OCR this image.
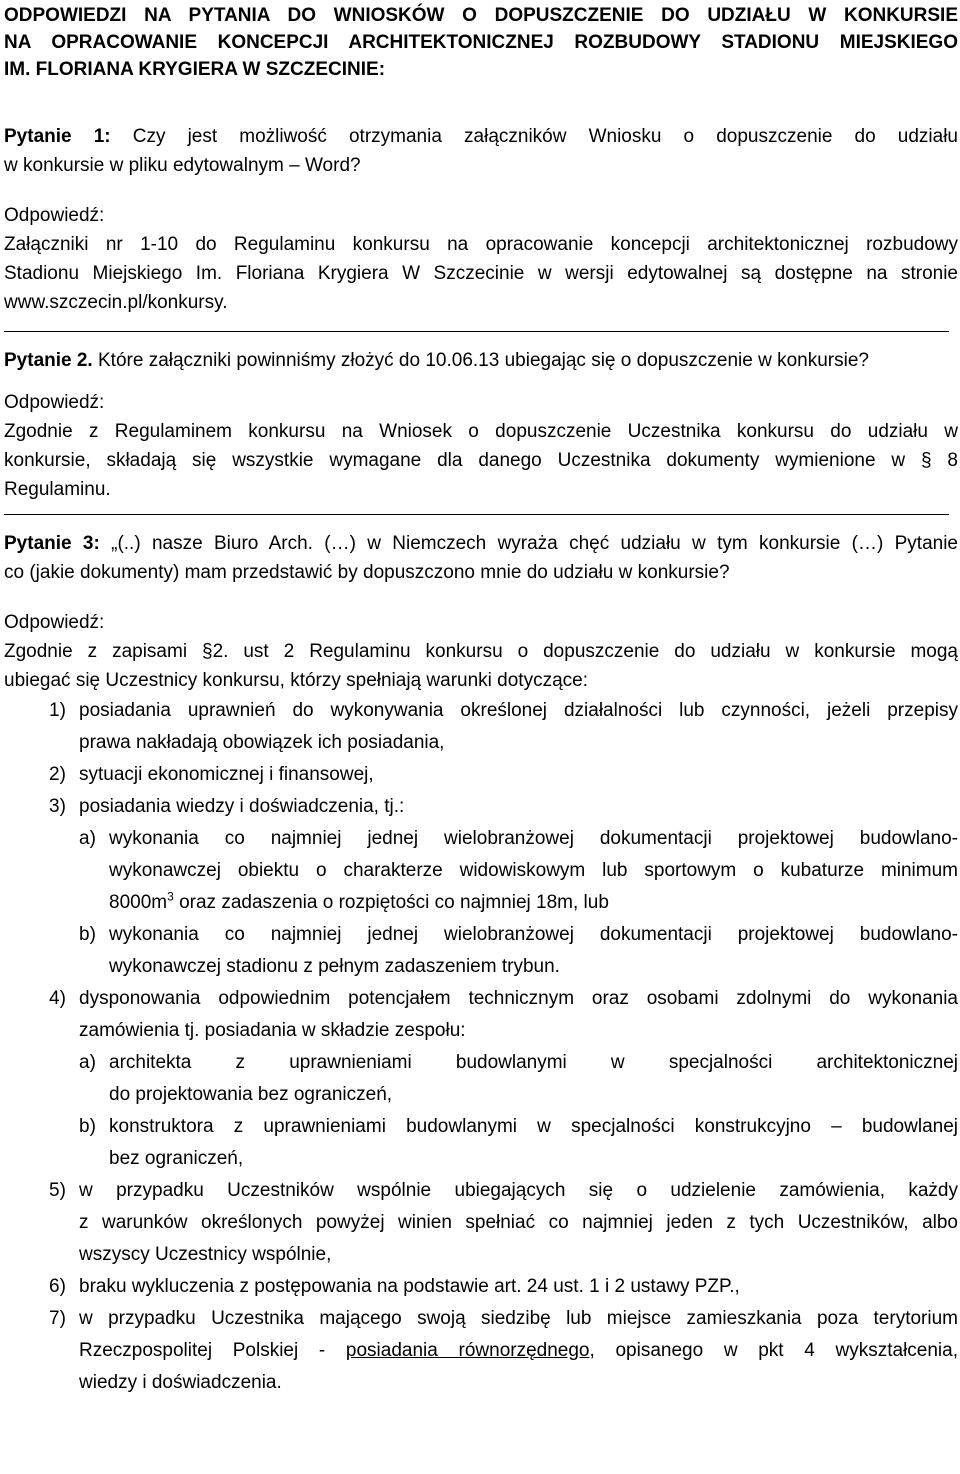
ODPOWIEDZI NA PYTANIA DO WNIOSKÓW O DOPUSZCZENIE DO UDZIAŁU W KONKURSIE
NA OPRACOWANIE KONCEPCJI ARCHITEKTONICZNEJ ROZBUDOWY STADIONU MIEJSKIEGO
IM. FLORIANA KRYGIERA W SZCZECINIE:
Pytanie 1: Czy jest możliwość otrzymania załączników Wniosku o dopuszczenie do udziału
w konkursie w pliku edytowalnym – Word?
Odpowiedź:
Załączniki nr 1-10 do Regulaminu konkursu na opracowanie koncepcji architektonicznej rozbudowy
Stadionu Miejskiego Im. Floriana Krygiera W Szczecinie w wersji edytowalnej są dostępne na stronie
www.szczecin.pl/konkursy.
Pytanie 2. Które załączniki powinniśmy złożyć do 10.06.13 ubiegając się o dopuszczenie w konkursie?
Odpowiedź:
Zgodnie z Regulaminem konkursu na Wniosek o dopuszczenie Uczestnika konkursu do udziału w
konkursie, składają się wszystkie wymagane dla danego Uczestnika dokumenty wymienione w § 8
Regulaminu.
Pytanie 3: „(..) nasze Biuro Arch. (…) w Niemczech wyraża chęć udziału w tym konkursie (…) Pytanie
co (jakie dokumenty) mam przedstawić by dopuszczono mnie do udziału w konkursie?
Odpowiedź:
Zgodnie z zapisami §2. ust 2 Regulaminu konkursu o dopuszczenie do udziału w konkursie mogą
ubiegać się Uczestnicy konkursu, którzy spełniają warunki dotyczące:
1) posiadania uprawnień do wykonywania określonej działalności lub czynności, jeżeli przepisy
prawa nakładają obowiązek ich posiadania,
2) sytuacji ekonomicznej i finansowej,
3) posiadania wiedzy i doświadczenia, tj.:
a) wykonania co najmniej jednej wielobranżowej dokumentacji projektowej budowlano-
wykonawczej obiektu o charakterze widowiskowym lub sportowym o kubaturze minimum
$8000m^3$ oraz zadaszenia o rozpiętości co najmniej 18m, lub
b) wykonania co najmniej jednej wielobranżowej dokumentacji projektowej budowlano-
wykonawczej stadionu z pełnym zadaszeniem trybun.
4) dysponowania odpowiednim potencjałem technicznym oraz osobami zdolnymi do wykonania
zamówienia tj. posiadania w składzie zespołu:
a) architekta z uprawnieniami budowlanymi w specjalności architektonicznej
do projektowania bez ograniczeń,
b) konstruktora z uprawnieniami budowlanymi w specjalności konstrukcyjno – budowlanej
bez ograniczeń,
5) w przypadku Uczestników wspólnie ubiegających się o udzielenie zamówienia, każdy
z warunków określonych powyżej winien spełniać co najmniej jeden z tych Uczestników, albo
wszyscy Uczestnicy wspólnie,
6) braku wykluczenia z postępowania na podstawie art. 24 ust. 1 i 2 ustawy PZP.,
7) w przypadku Uczestnika mającego swoją siedzibę lub miejsce zamieszkania poza terytorium
Rzeczpospolitej Polskiej - posiadania równorzędnego, opisanego w pkt 4 wykształcenia,
wiedzy i doświadczenia.
